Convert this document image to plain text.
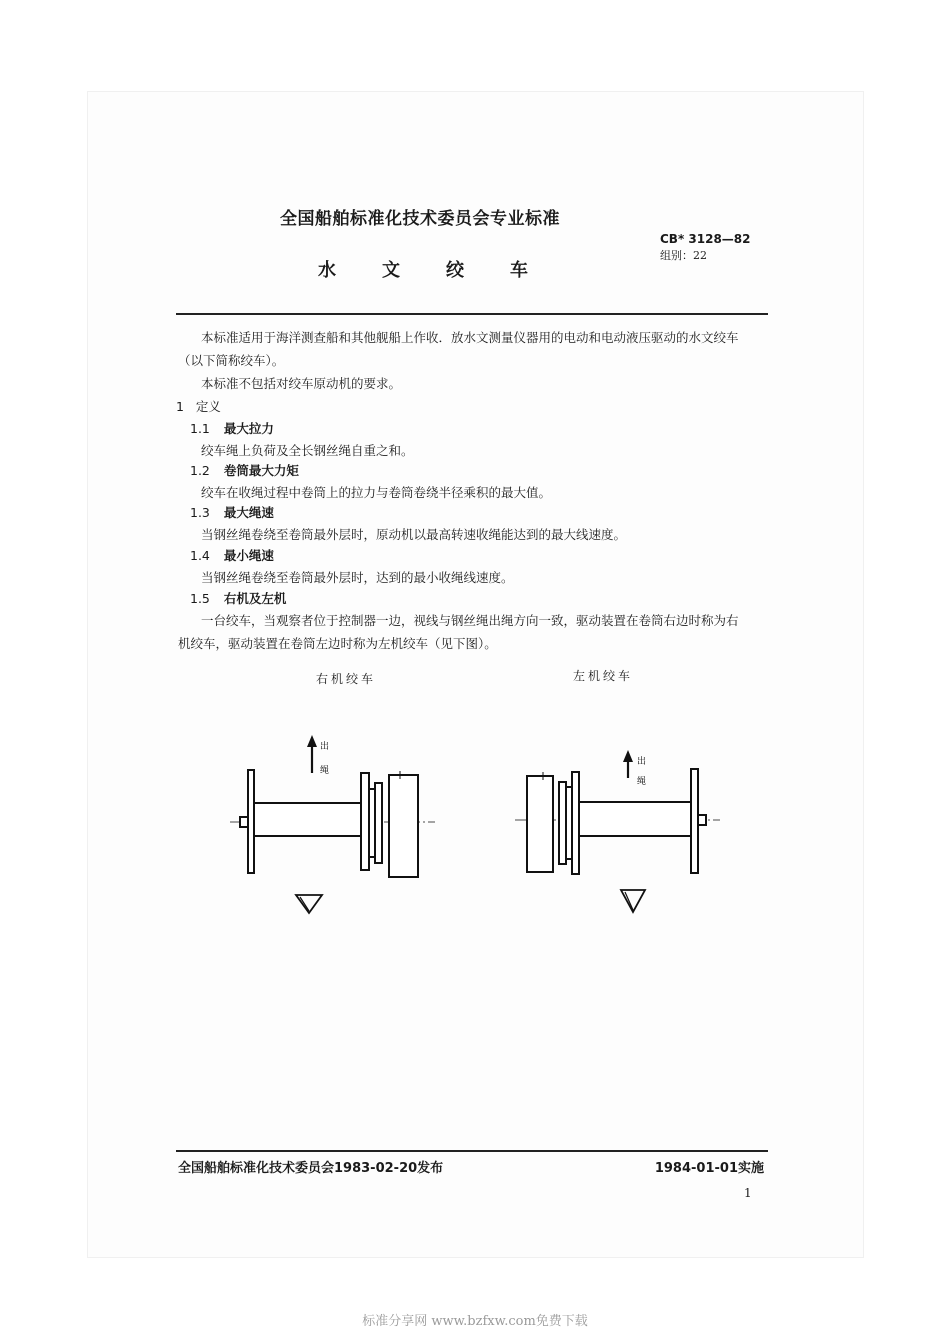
全国船舶标准化技术委员会专业标准
水文绞车
CB* 3128—82
组别：22
本标准适用于海洋测查船和其他舰船上作收．放水文测量仪器用的电动和电动液压驱动的水文绞车
（以下简称绞车）。
本标准不包括对绞车原动机的要求。
1 定义
1.1 最大拉力
绞车绳上负荷及全长钢丝绳自重之和。
1.2 卷筒最大力矩
绞车在收绳过程中卷筒上的拉力与卷筒卷绕半径乘积的最大值。
1.3 最大绳速
当钢丝绳卷绕至卷筒最外层时，原动机以最高转速收绳能达到的最大线速度。
1.4 最小绳速
当钢丝绳卷绕至卷筒最外层时，达到的最小收绳线速度。
1.5 右机及左机
一台绞车，当观察者位于控制器一边，视线与钢丝绳出绳方向一致，驱动装置在卷筒右边时称为右
机绞车，驱动装置在卷筒左边时称为左机绞车（见下图）。
右机绞车	左机绞车
出
绳
出
绳
全国船舶标准化技术委员会1983-02-20发布	1984-01-01实施
1
标准分享网 www.bzfxw.com免费下载
